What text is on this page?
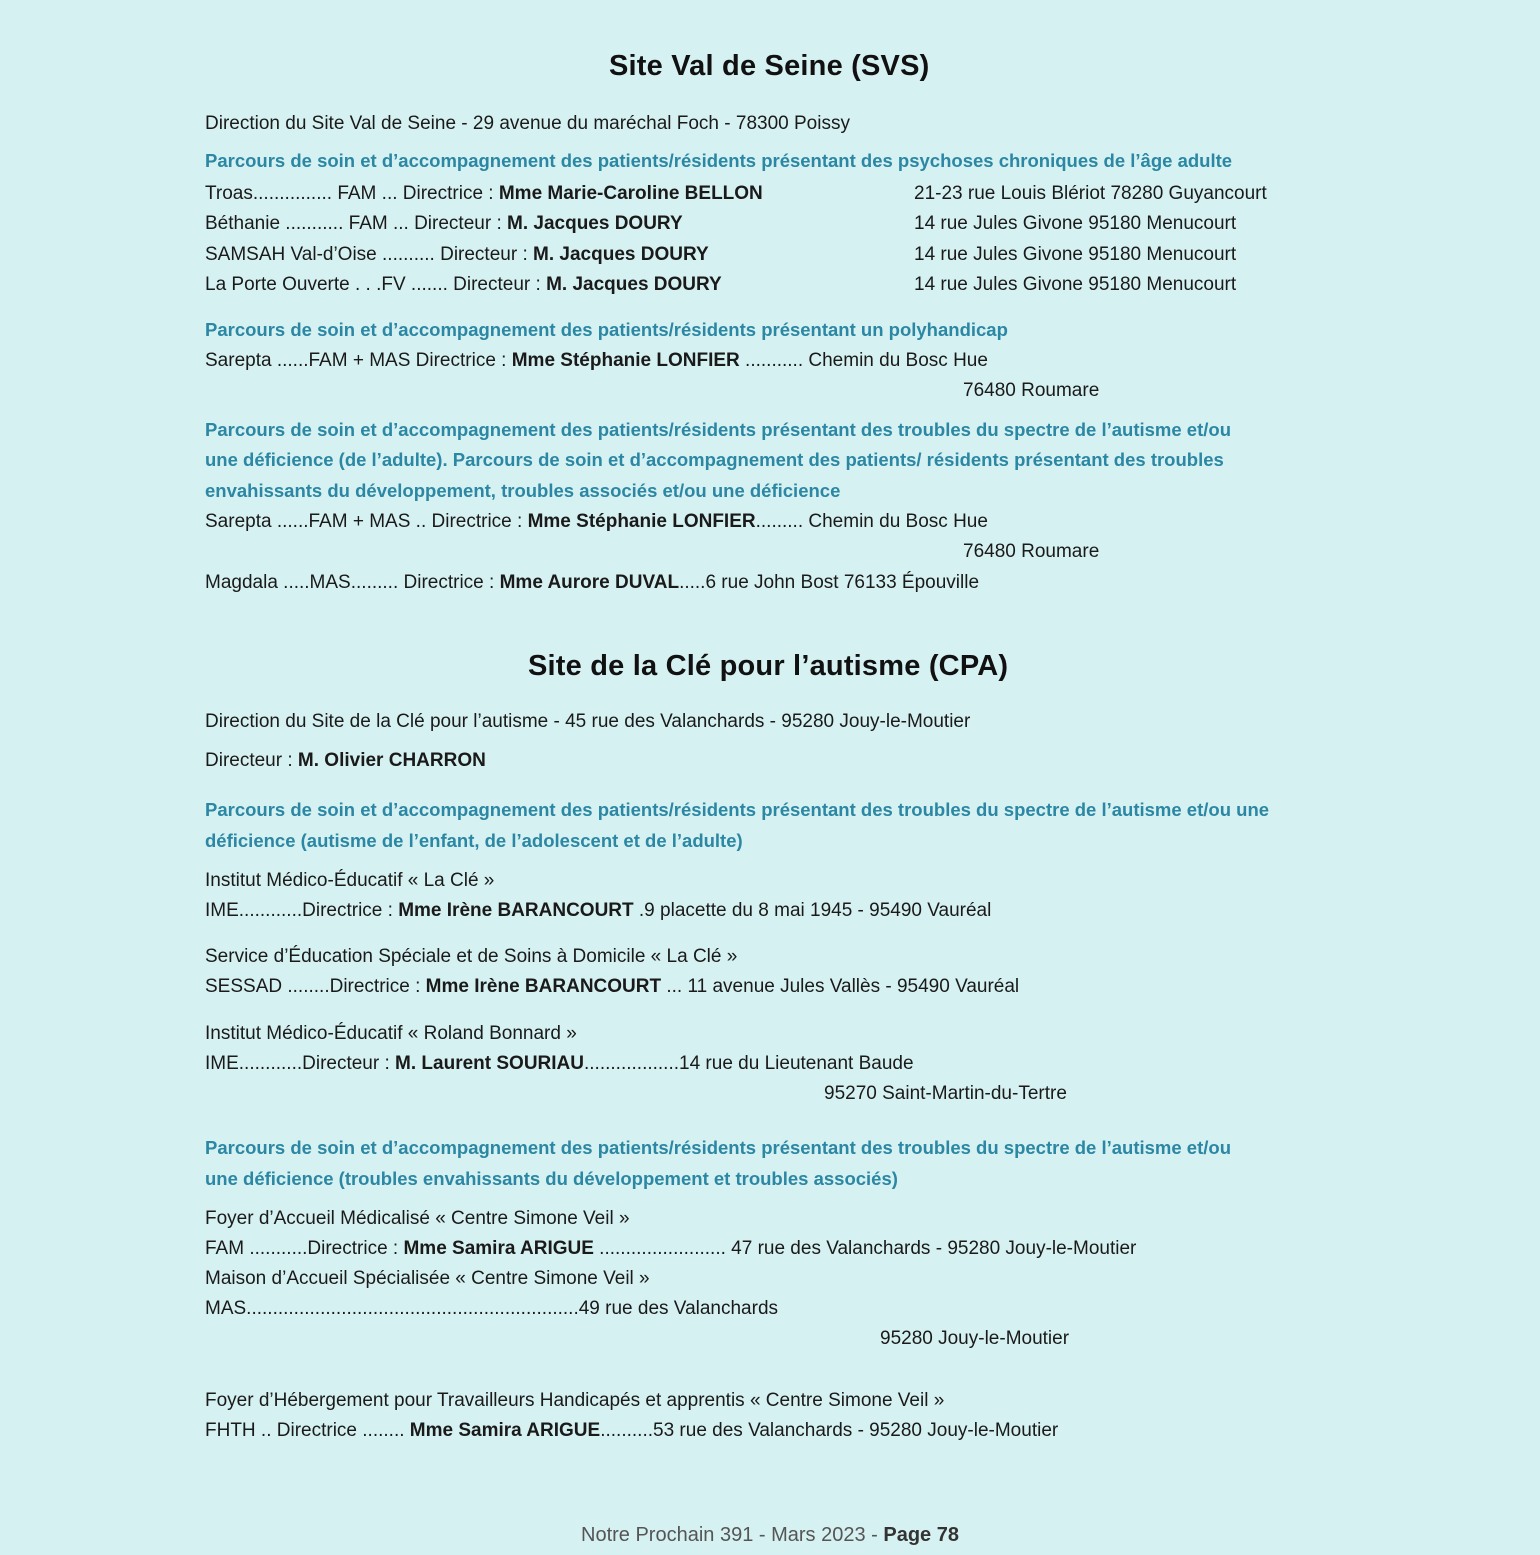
Site Val de Seine (SVS)
Direction du Site Val de Seine - 29 avenue du maréchal Foch - 78300 Poissy
Parcours de soin et d’accompagnement des patients/résidents présentant des psychoses chroniques de l’âge adulte
Troas............... FAM ... Directrice : Mme Marie-Caroline BELLON	21-23 rue Louis Blériot 78280 Guyancourt
Béthanie ........... FAM ... Directeur : M. Jacques DOURY	14 rue Jules Givone 95180 Menucourt
SAMSAH Val-d’Oise .......... Directeur : M. Jacques DOURY	14 rue Jules Givone 95180 Menucourt
La Porte Ouverte . . .FV ....... Directeur : M. Jacques DOURY	14 rue Jules Givone 95180 Menucourt
Parcours de soin et d’accompagnement des patients/résidents présentant un polyhandicap
Sarepta ......FAM + MAS Directrice : Mme Stéphanie LONFIER ........... Chemin du Bosc Hue
76480 Roumare
Parcours de soin et d’accompagnement des patients/résidents présentant des troubles du spectre de l’autisme et/ou
une déficience (de l’adulte). Parcours de soin et d’accompagnement des patients/ résidents présentant des troubles
envahissants du développement, troubles associés et/ou une déficience
Sarepta ......FAM + MAS .. Directrice : Mme Stéphanie LONFIER......... Chemin du Bosc Hue
76480 Roumare
Magdala .....MAS......... Directrice : Mme Aurore DUVAL.....6 rue John Bost 76133 Épouville
Site de la Clé pour l’autisme (CPA)
Direction du Site de la Clé pour l’autisme - 45 rue des Valanchards - 95280 Jouy-le-Moutier
Directeur : M. Olivier CHARRON
Parcours de soin et d’accompagnement des patients/résidents présentant des troubles du spectre de l’autisme et/ou une
déficience (autisme de l’enfant, de l’adolescent et de l’adulte)
Institut Médico-Éducatif « La Clé »
IME............Directrice : Mme Irène BARANCOURT .9 placette du 8 mai 1945 - 95490 Vauréal
Service d’Éducation Spéciale et de Soins à Domicile « La Clé »
SESSAD ........Directrice : Mme Irène BARANCOURT ... 11 avenue Jules Vallès - 95490 Vauréal
Institut Médico-Éducatif « Roland Bonnard »
IME............Directeur : M. Laurent SOURIAU..................14 rue du Lieutenant Baude
95270 Saint-Martin-du-Tertre
Parcours de soin et d’accompagnement des patients/résidents présentant des troubles du spectre de l’autisme et/ou
une déficience (troubles envahissants du développement et troubles associés)
Foyer d’Accueil Médicalisé « Centre Simone Veil »
FAM ...........Directrice : Mme Samira ARIGUE ........................ 47 rue des Valanchards - 95280 Jouy-le-Moutier
Maison d’Accueil Spécialisée « Centre Simone Veil »
MAS...............................................................49 rue des Valanchards
95280 Jouy-le-Moutier
Foyer d’Hébergement pour Travailleurs Handicapés et apprentis « Centre Simone Veil »
FHTH .. Directrice ........ Mme Samira ARIGUE..........53 rue des Valanchards - 95280 Jouy-le-Moutier
Notre Prochain 391 - Mars 2023 - Page 78
